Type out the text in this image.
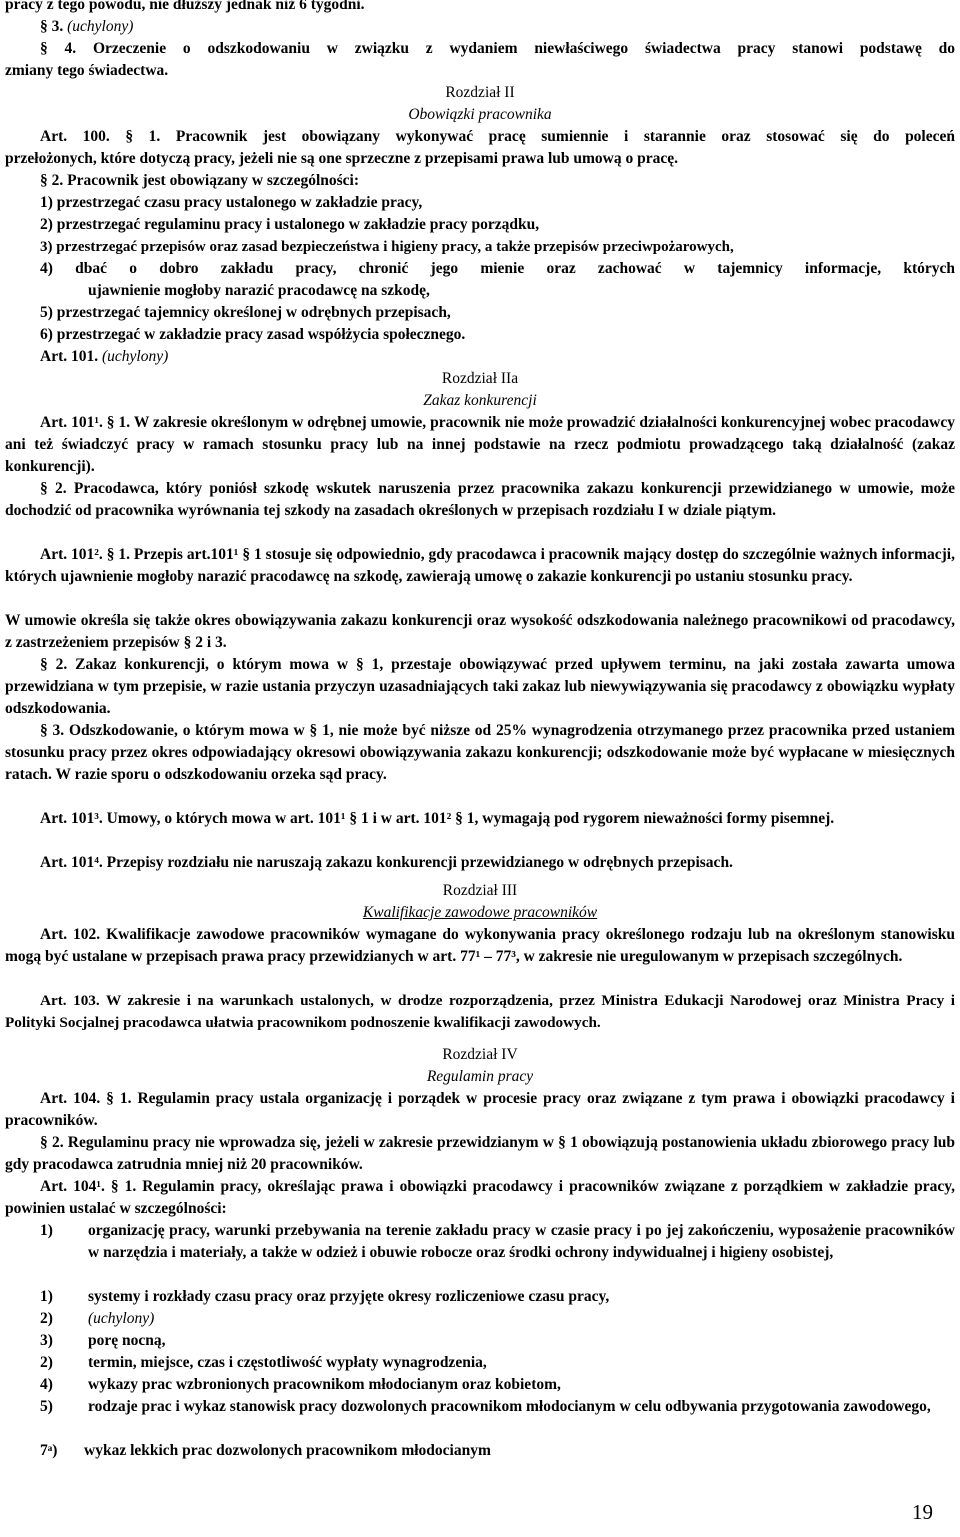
pracy z tego powodu, nie dłuższy jednak niż 6 tygodni.
§ 3. (uchylony)
§ 4. Orzeczenie o odszkodowaniu w związku z wydaniem niewłaściwego świadectwa pracy stanowi podstawę do
zmiany tego świadectwa.
Rozdział II
Obowiązki pracownika
Art. 100. § 1. Pracownik jest obowiązany wykonywać pracę sumiennie i starannie oraz stosować się do poleceń
przełożonych, które dotyczą pracy, jeżeli nie są one sprzeczne z przepisami prawa lub umową o pracę.
§ 2. Pracownik jest obowiązany w szczególności:
1) przestrzegać czasu pracy ustalonego w zakładzie pracy,
2) przestrzegać regulaminu pracy i ustalonego w zakładzie pracy porządku,
3) przestrzegać przepisów oraz zasad bezpieczeństwa i higieny pracy, a także przepisów przeciwpożarowych,
4) dbać o dobro zakładu pracy, chronić jego mienie oraz zachować w tajemnicy informacje, których
ujawnienie mogłoby narazić pracodawcę na szkodę,
5) przestrzegać tajemnicy określonej w odrębnych przepisach,
6) przestrzegać w zakładzie pracy zasad współżycia społecznego.
Art. 101. (uchylony)
Rozdział IIa
Zakaz konkurencji
Art. 101¹. § 1. W zakresie określonym w odrębnej umowie, pracownik nie może prowadzić działalności konkurencyjnej wobec pracodawcy ani też świadczyć pracy w ramach stosunku pracy lub na innej podstawie na rzecz podmiotu prowadzącego taką działalność (zakaz konkurencji).
§ 2. Pracodawca, który poniósł szkodę wskutek naruszenia przez pracownika zakazu konkurencji przewidzianego w umowie, może dochodzić od pracownika wyrównania tej szkody na zasadach określonych w przepisach rozdziału I w dziale piątym.
Art. 101². § 1. Przepis art.101¹ § 1 stosuje się odpowiednio, gdy pracodawca i pracownik mający dostęp do szczególnie ważnych informacji, których ujawnienie mogłoby narazić pracodawcę na szkodę, zawierają umowę o zakazie konkurencji po ustaniu stosunku pracy.
W umowie określa się także okres obowiązywania zakazu konkurencji oraz wysokość odszkodowania należnego pracownikowi od pracodawcy, z zastrzeżeniem przepisów § 2 i 3.
§ 2. Zakaz konkurencji, o którym mowa w § 1, przestaje obowiązywać przed upływem terminu, na jaki została zawarta umowa przewidziana w tym przepisie, w razie ustania przyczyn uzasadniających taki zakaz lub niewywiązywania się pracodawcy z obowiązku wypłaty odszkodowania.
§ 3. Odszkodowanie, o którym mowa w § 1, nie może być niższe od 25% wynagrodzenia otrzymanego przez pracownika przed ustaniem stosunku pracy przez okres odpowiadający okresowi obowiązywania zakazu konkurencji; odszkodowanie może być wypłacane w miesięcznych ratach. W razie sporu o odszkodowaniu orzeka sąd pracy.
Art. 101³. Umowy, o których mowa w art. 101¹ § 1 i w art. 101² § 1, wymagają pod rygorem nieważności formy pisemnej.
Art. 101⁴. Przepisy rozdziału nie naruszają zakazu konkurencji przewidzianego w odrębnych przepisach.
Rozdział III
Kwalifikacje zawodowe pracowników
Art. 102. Kwalifikacje zawodowe pracowników wymagane do wykonywania pracy określonego rodzaju lub na określonym stanowisku mogą być ustalane w przepisach prawa pracy przewidzianych w art. 77¹ – 77³, w zakresie nie uregulowanym w przepisach szczególnych.
Art. 103. W zakresie i na warunkach ustalonych, w drodze rozporządzenia, przez Ministra Edukacji Narodowej oraz Ministra Pracy i Polityki Socjalnej pracodawca ułatwia pracownikom podnoszenie kwalifikacji zawodowych.
Rozdział IV
Regulamin pracy
Art. 104. § 1. Regulamin pracy ustala organizację i porządek w procesie pracy oraz związane z tym prawa i obowiązki pracodawcy i pracowników.
§ 2. Regulaminu pracy nie wprowadza się, jeżeli w zakresie przewidzianym w § 1 obowiązują postanowienia układu zbiorowego pracy lub gdy pracodawca zatrudnia mniej niż 20 pracowników.
Art. 104¹. § 1. Regulamin pracy, określając prawa i obowiązki pracodawcy i pracowników związane z porządkiem w zakładzie pracy, powinien ustalać w szczególności:
1) organizację pracy, warunki przebywania na terenie zakładu pracy w czasie pracy i po jej zakończeniu, wyposażenie pracowników w narzędzia i materiały, a także w odzież i obuwie robocze oraz środki ochrony indywidualnej i higieny osobistej,
1) systemy i rozkłady czasu pracy oraz przyjęte okresy rozliczeniowe czasu pracy,
2) (uchylony)
3) porę nocną,
2) termin, miejsce, czas i częstotliwość wypłaty wynagrodzenia,
4) wykazy prac wzbronionych pracownikom młodocianym oraz kobietom,
5) rodzaje prac i wykaz stanowisk pracy dozwolonych pracownikom młodocianym w celu odbywania przygotowania zawodowego,
7ᵃ) wykaz lekkich prac dozwolonych pracownikom młodocianym
19
